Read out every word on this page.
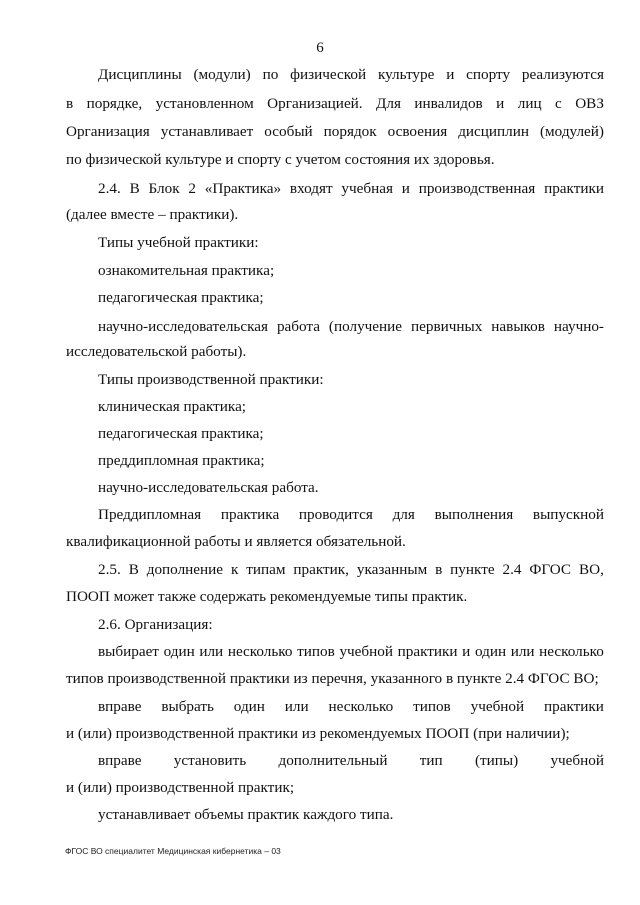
6
Дисциплины (модули) по физической культуре и спорту реализуются
в порядке, установленном Организацией. Для инвалидов и лиц с ОВЗ
Организация устанавливает особый порядок освоения дисциплин (модулей)
по физической культуре и спорту с учетом состояния их здоровья.
2.4. В Блок 2 «Практика» входят учебная и производственная практики
(далее вместе – практики).
Типы учебной практики:
ознакомительная практика;
педагогическая практика;
научно-исследовательская работа (получение первичных навыков научно-
исследовательской работы).
Типы производственной практики:
клиническая практика;
педагогическая практика;
преддипломная практика;
научно-исследовательская работа.
Преддипломная практика проводится для выполнения выпускной
квалификационной работы и является обязательной.
2.5. В дополнение к типам практик, указанным в пункте 2.4 ФГОС ВО,
ПООП может также содержать рекомендуемые типы практик.
2.6. Организация:
выбирает один или несколько типов учебной практики и один или несколько
типов производственной практики из перечня, указанного в пункте 2.4 ФГОС ВО;
вправе выбрать один или несколько типов учебной практики
и (или) производственной практики из рекомендуемых ПООП (при наличии);
вправе установить дополнительный тип (типы) учебной
и (или) производственной практик;
устанавливает объемы практик каждого типа.
ФГОС ВО специалитет Медицинская кибернетика – 03
